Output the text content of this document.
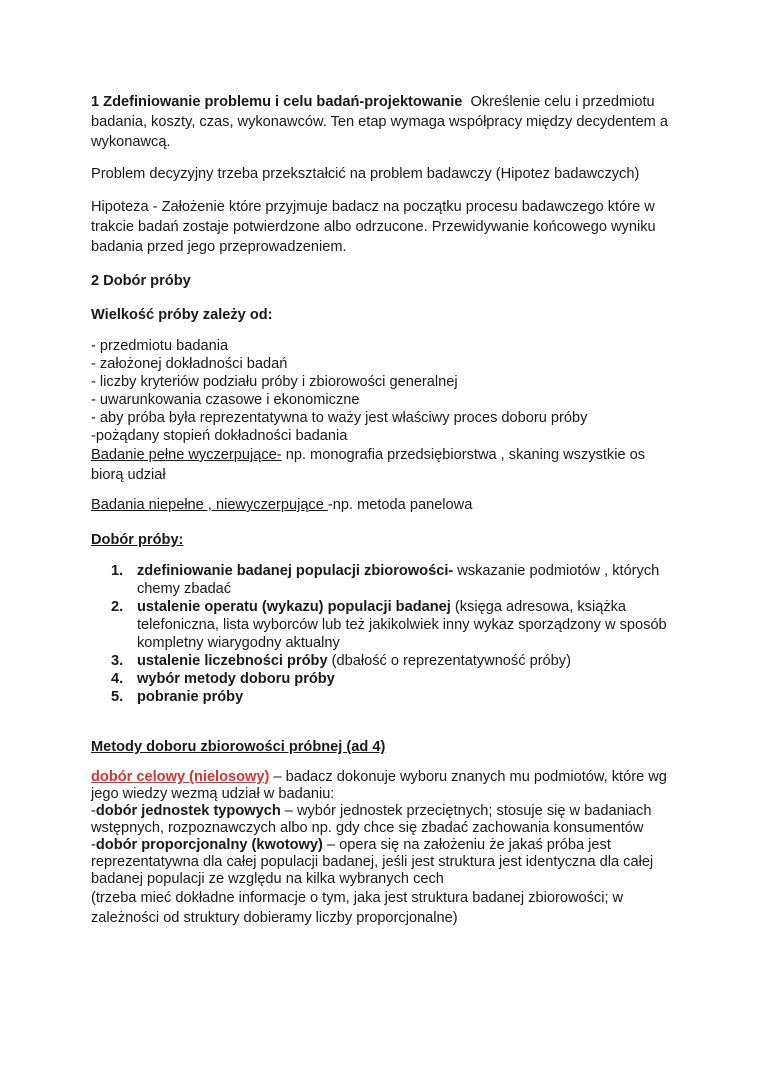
1 Zdefiniowanie problemu i celu badań-projektowanie Określenie celu i przedmiotu badania, koszty, czas, wykonawców. Ten etap wymaga współpracy między decydentem a wykonawcą.

Problem decyzyjny trzeba przekształcić na problem badawczy (Hipotez badawczych)

Hipoteza - Założenie które przyjmuje badacz na początku procesu badawczego które w trakcie badań zostaje potwierdzone albo odrzucone. Przewidywanie końcowego wyniku badania przed jego przeprowadzeniem.

2 Dobór próby

Wielkość próby zależy od:

- przedmiotu badania

- założonej dokładności badań

- liczby kryteriów podziału próby i zbiorowości generalnej

- uwarunkowania czasowe i ekonomiczne

- aby próba była reprezentatywna to waży jest właściwy proces doboru próby

-pożądany stopień dokładności badania

Badanie pełne wyczerpujące- np. monografia przedsiębiorstwa , skaning wszystkie os biorą udział

Badania niepełne , niewyczerpujące -np. metoda panelowa

Dobór próby:

1. zdefiniowanie badanej populacji zbiorowości- wskazanie podmiotów , których chemy zbadać
2. ustalenie operatu (wykazu) populacji badanej (księga adresowa, książka telefoniczna, lista wyborców lub też jakikolwiek inny wykaz sporządzony w sposób kompletny wiarygodny aktualny
3. ustalenie liczebności próby (dbałość o reprezentatywność próby)
4. wybór metody doboru próby
5. pobranie próby

Metody doboru zbiorowości próbnej (ad 4)

dobór celowy (nielosowy) – badacz dokonuje wyboru znanych mu podmiotów, które wg jego wiedzy wezmą udział w badaniu:

-dobór jednostek typowych – wybór jednostek przeciętnych; stosuje się w badaniach wstępnych, rozpoznawczych albo np. gdy chce się zbadać zachowania konsumentów

-dobór proporcjonalny (kwotowy) – opera się na założeniu że jakaś próba jest reprezentatywna dla całej populacji badanej, jeśli jest struktura jest identyczna dla całej badanej populacji ze względu na kilka wybranych cech

(trzeba mieć dokładne informacje o tym, jaka jest struktura badanej zbiorowości; w zależności od struktury dobieramy liczby proporcjonalne)
